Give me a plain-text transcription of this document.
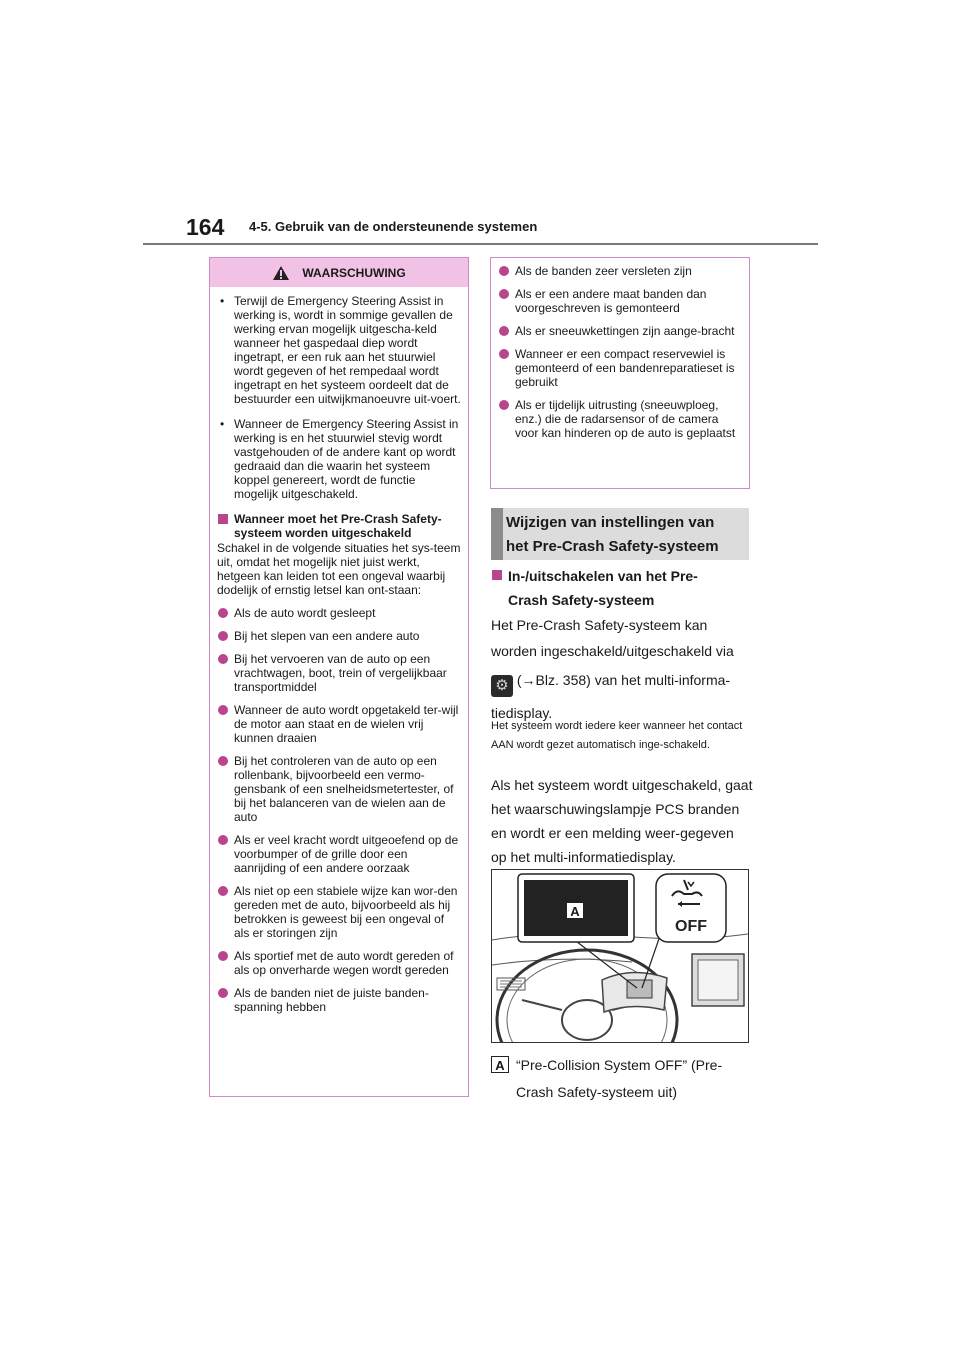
164 4-5. Gebruik van de ondersteunende systemen
WAARSCHUWING
• Terwijl de Emergency Steering Assist in werking is, wordt in sommige gevallen de werking ervan mogelijk uitgescha-keld wanneer het gaspedaal diep wordt ingetrapt, er een ruk aan het stuurwiel wordt gegeven of het rempedaal wordt ingetrapt en het systeem oordeelt dat de bestuurder een uitwijkmanoeuvre uit-voert.
• Wanneer de Emergency Steering Assist in werking is en het stuurwiel stevig wordt vastgehouden of de andere kant op wordt gedraaid dan die waarin het systeem koppel genereert, wordt de functie mogelijk uitgeschakeld.
Wanneer moet het Pre-Crash Safety-systeem worden uitgeschakeld
Schakel in de volgende situaties het sys-teem uit, omdat het mogelijk niet juist werkt, hetgeen kan leiden tot een ongeval waarbij dodelijk of ernstig letsel kan ont-staan:
Als de auto wordt gesleept
Bij het slepen van een andere auto
Bij het vervoeren van de auto op een vrachtwagen, boot, trein of vergelijkbaar transportmiddel
Wanneer de auto wordt opgetakeld ter-wijl de motor aan staat en de wielen vrij kunnen draaien
Bij het controleren van de auto op een rollenbank, bijvoorbeeld een vermo-gensbank of een snelheidsmetertester, of bij het balanceren van de wielen aan de auto
Als er veel kracht wordt uitgeoefend op de voorbumper of de grille door een aanrijding of een andere oorzaak
Als niet op een stabiele wijze kan wor-den gereden met de auto, bijvoorbeeld als hij betrokken is geweest bij een ongeval of als er storingen zijn
Als sportief met de auto wordt gereden of als op onverharde wegen wordt gereden
Als de banden niet de juiste banden-spanning hebben
Als de banden zeer versleten zijn
Als er een andere maat banden dan voorgeschreven is gemonteerd
Als er sneeuwkettingen zijn aange-bracht
Wanneer er een compact reservewiel is gemonteerd of een bandenreparatieset is gebruikt
Als er tijdelijk uitrusting (sneeuwploeg, enz.) die de radarsensor of de camera voor kan hinderen op de auto is geplaatst
Wijzigen van instellingen van
het Pre-Crash Safety-systeem
In-/uitschakelen van het Pre-
Crash Safety-systeem
Het Pre-Crash Safety-systeem kan
worden ingeschakeld/uitgeschakeld via
⚙ (→Blz. 358) van het multi-informa-
tiedisplay.
Het systeem wordt iedere keer wanneer het contact AAN wordt gezet automatisch inge-schakeld.
Als het systeem wordt uitgeschakeld, gaat het waarschuwingslampje PCS branden en wordt er een melding weer-gegeven op het multi-informatiedisplay.
OFF
A
A “Pre-Collision System OFF” (Pre-
Crash Safety-systeem uit)
